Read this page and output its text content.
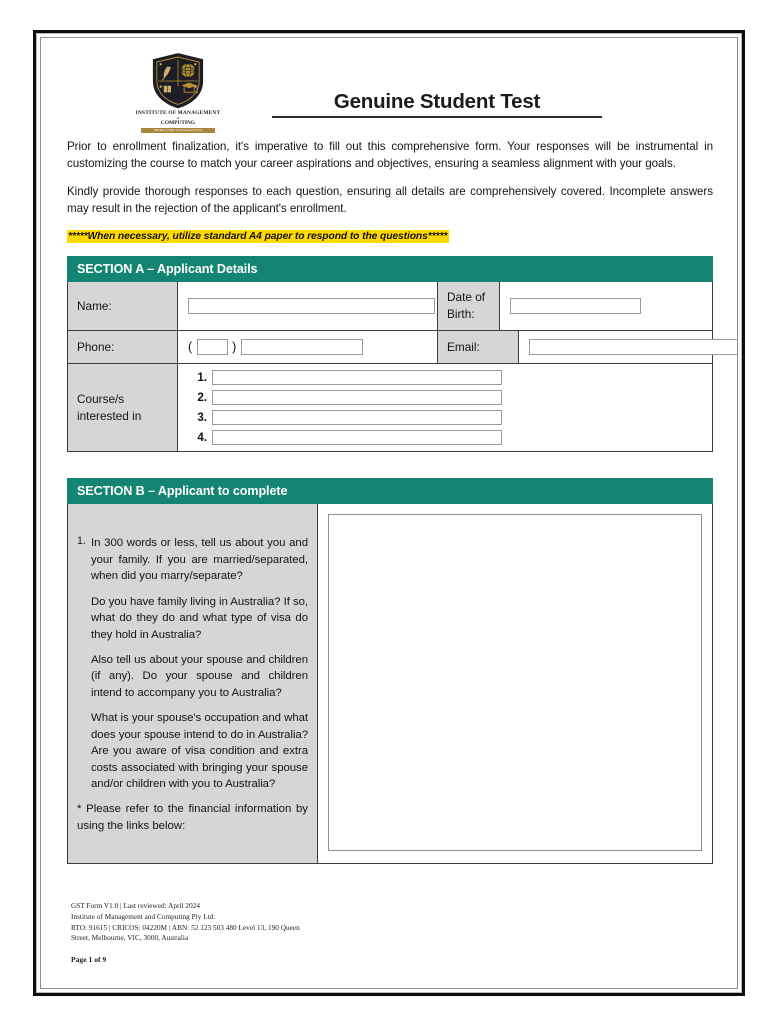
INSTITUTE OF MANAGEMENT
&
COMPUTING
Building a bright and empowered future
Genuine Student Test

Prior to enrollment finalization, it's imperative to fill out this comprehensive form. Your responses will be instrumental in customizing the course to match your career aspirations and objectives, ensuring a seamless alignment with your goals.

Kindly provide thorough responses to each question, ensuring all details are comprehensively covered. Incomplete answers may result in the rejection of the applicant's enrollment.

*****When necessary, utilize standard A4 paper to respond to the questions*****
SECTION A – Applicant Details				
Name:		Date of Birth:		
Phone:	( )	Email:		
Course/s interested in	1.
2.
3.
4.			
SECTION B – Applicant to complete

1. In 300 words or less, tell us about you and your family. If you are married/separated, when did you marry/separate?

Do you have family living in Australia? If so, what do they do and what type of visa do they hold in Australia?

Also tell us about your spouse and children (if any). Do your spouse and children intend to accompany you to Australia?

What is your spouse's occupation and what does your spouse intend to do in Australia? Are you aware of visa condition and extra costs associated with bringing your spouse and/or children with you to Australia?

* Please refer to the financial information by using the links below:

GST Form V1.0 | Last reviewed: April 2024
Institute of Management and Computing Pty Ltd.
RTO: 91615 | CRICOS: 04220M | ABN: 52 123 503 480 Level 13, 190 Queen
Street, Melbourne, VIC, 3000, Australia
Page 1 of 9
